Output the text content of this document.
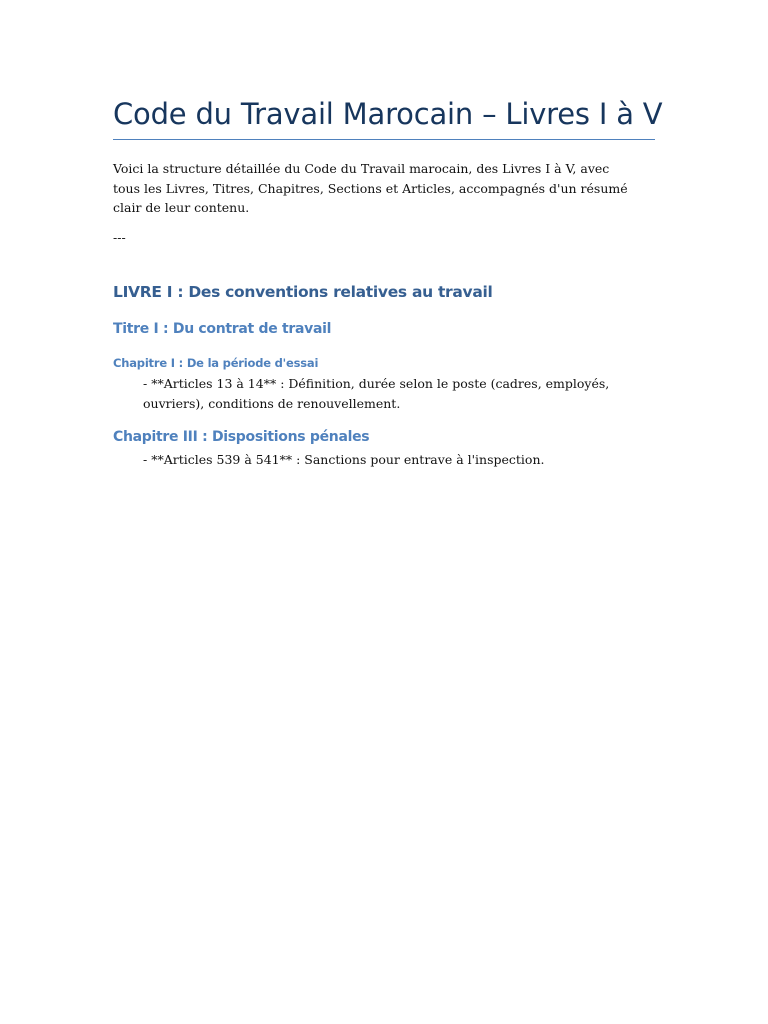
Code du Travail Marocain – Livres I à V

Voici la structure détaillée du Code du Travail marocain, des Livres I à V, avec tous les Livres, Titres, Chapitres, Sections et Articles, accompagnés d'un résumé clair de leur contenu.

---

LIVRE I : Des conventions relatives au travail
Titre I : Du contrat de travail
Chapitre I : De la période d'essai

- **Articles 13 à 14** : Définition, durée selon le poste (cadres, employés, ouvriers), conditions de renouvellement.

Chapitre III : Dispositions pénales

- **Articles 539 à 541** : Sanctions pour entrave à l'inspection.
